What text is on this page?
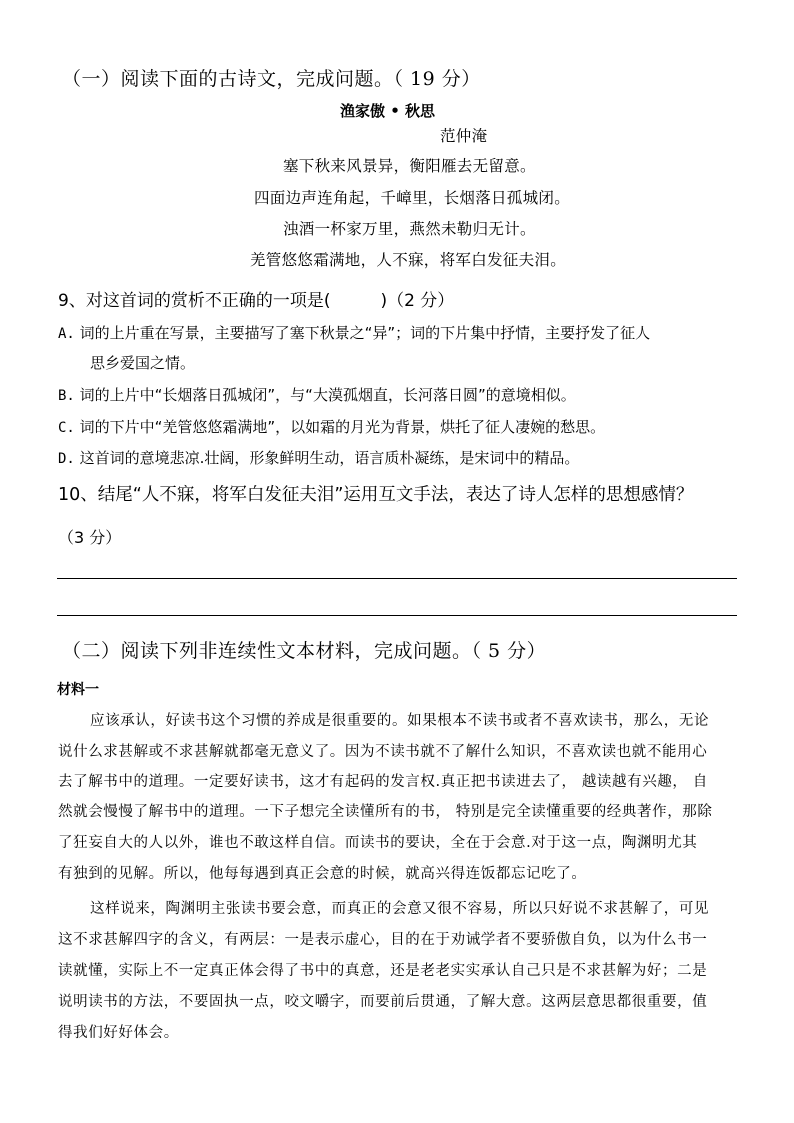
（一）阅读下面的古诗文，完成问题。（ 19 分）
渔家傲 • 秋思
范仲淹
塞下秋来风景异，衡阳雁去无留意。
四面边声连角起，千嶂里，长烟落日孤城闭。
浊酒一杯家万里，燕然未勒归无计。
羌管悠悠霜满地，人不寐，将军白发征夫泪。
9、对这首词的赏析不正确的一项是(	)（2 分）
A. 词的上片重在写景，主要描写了塞下秋景之“异”；词的下片集中抒情，主要抒发了征人
思乡爱国之情。
B. 词的上片中“长烟落日孤城闭”，与“大漠孤烟直，长河落日圆”的意境相似。
C. 词的下片中“羌管悠悠霜满地”，以如霜的月光为背景，烘托了征人凄婉的愁思。
D. 这首词的意境悲凉.壮阔，形象鲜明生动，语言质朴凝练，是宋词中的精品。
10、结尾“人不寐，将军白发征夫泪”运用互文手法，表达了诗人怎样的思想感情？
（3 分）
（二）阅读下列非连续性文本材料，完成问题。（ 5 分）
材料一
应该承认，好读书这个习惯的养成是很重要的。如果根本不读书或者不喜欢读书，那么，无论
说什么求甚解或不求甚解就都毫无意义了。因为不读书就不了解什么知识，不喜欢读也就不能用心
去了解书中的道理。一定要好读书，这才有起码的发言权.真正把书读进去了， 越读越有兴趣， 自
然就会慢慢了解书中的道理。一下子想完全读懂所有的书， 特别是完全读懂重要的经典著作，那除
了狂妄自大的人以外，谁也不敢这样自信。而读书的要诀，全在于会意.对于这一点，陶渊明尤其
有独到的见解。所以，他每每遇到真正会意的时候，就高兴得连饭都忘记吃了。
这样说来，陶渊明主张读书要会意，而真正的会意又很不容易，所以只好说不求甚解了，可见
这不求甚解四字的含义，有两层：一是表示虚心，目的在于劝诫学者不要骄傲自负，以为什么书一
读就懂，实际上不一定真正体会得了书中的真意，还是老老实实承认自己只是不求甚解为好；二是
说明读书的方法，不要固执一点，咬文嚼字，而要前后贯通，了解大意。这两层意思都很重要，值
得我们好好体会。
